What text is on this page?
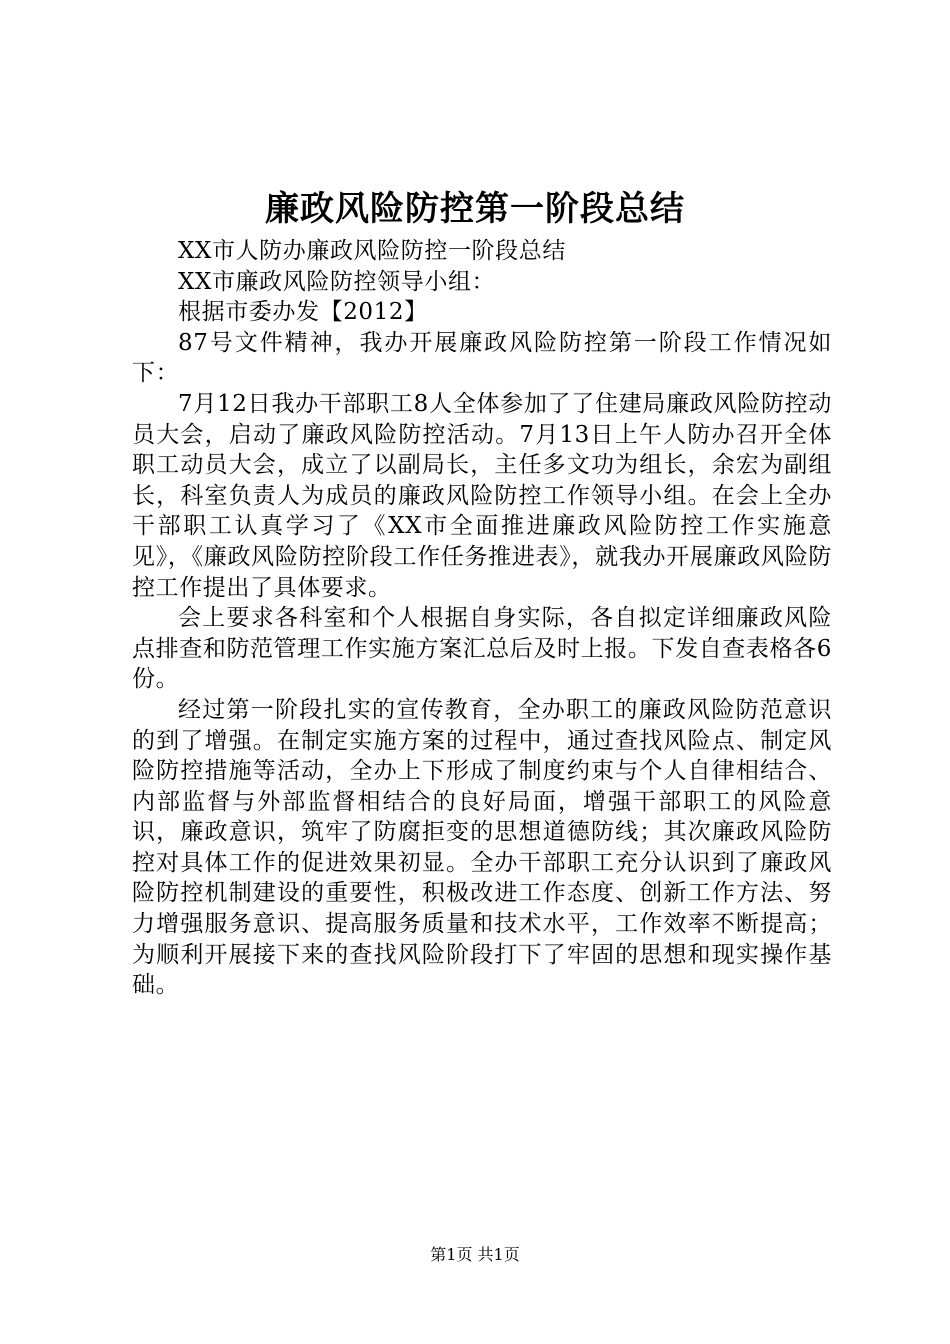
廉政风险防控第一阶段总结

XX市人防办廉政风险防控一阶段总结

XX市廉政风险防控领导小组：

根据市委办发【2012】

87号文件精神，我办开展廉政风险防控第一阶段工作情况如下：

7月12日我办干部职工8人全体参加了了住建局廉政风险防控动员大会，启动了廉政风险防控活动。7月13日上午人防办召开全体职工动员大会，成立了以副局长，主任多文功为组长，余宏为副组长，科室负责人为成员的廉政风险防控工作领导小组。在会上全办干部职工认真学习了《XX市全面推进廉政风险防控工作实施意见》，《廉政风险防控阶段工作任务推进表》，就我办开展廉政风险防控工作提出了具体要求。

会上要求各科室和个人根据自身实际，各自拟定详细廉政风险点排查和防范管理工作实施方案汇总后及时上报。下发自查表格各6份。

经过第一阶段扎实的宣传教育，全办职工的廉政风险防范意识的到了增强。在制定实施方案的过程中，通过查找风险点、制定风险防控措施等活动，全办上下形成了制度约束与个人自律相结合、内部监督与外部监督相结合的良好局面，增强干部职工的风险意识，廉政意识，筑牢了防腐拒变的思想道德防线；其次廉政风险防控对具体工作的促进效果初显。全办干部职工充分认识到了廉政风险防控机制建设的重要性，积极改进工作态度、创新工作方法、努力增强服务意识、提高服务质量和技术水平，工作效率不断提高；为顺利开展接下来的查找风险阶段打下了牢固的思想和现实操作基础。

第1页 共1页
